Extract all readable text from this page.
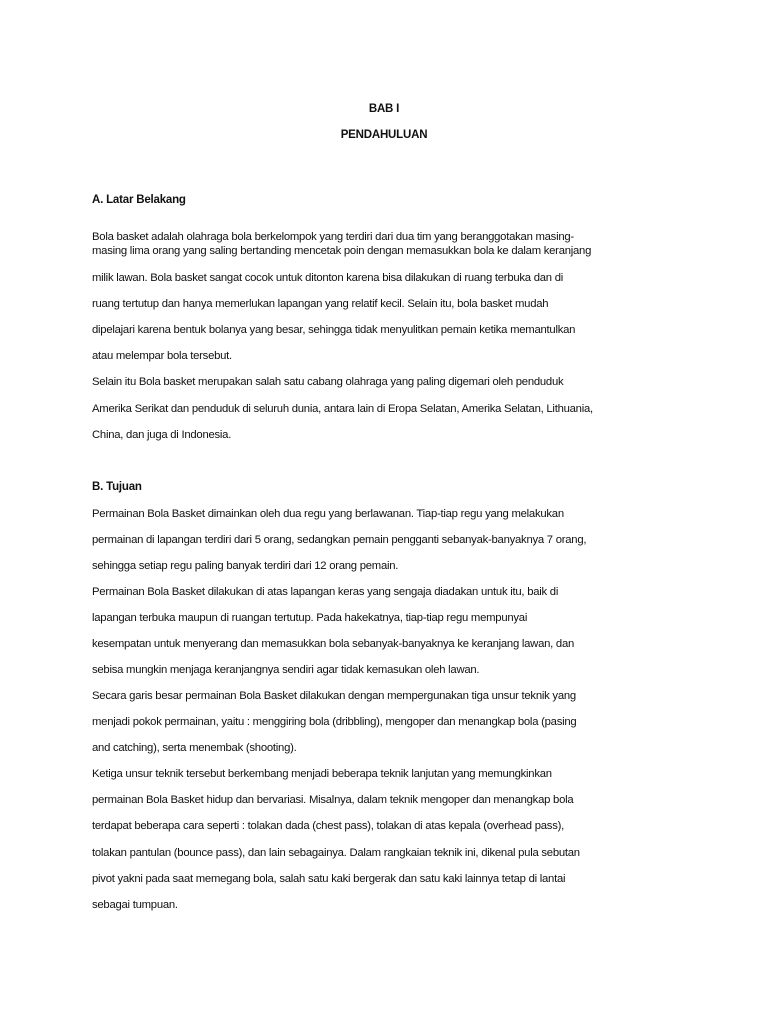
BAB I
PENDAHULUAN
A. Latar Belakang
Bola basket adalah olahraga bola berkelompok yang terdiri dari dua tim yang beranggotakan masing-
masing lima orang yang saling bertanding mencetak poin dengan memasukkan bola ke dalam keranjang
milik lawan. Bola basket sangat cocok untuk ditonton karena bisa dilakukan di ruang terbuka dan di
ruang tertutup dan hanya memerlukan lapangan yang relatif kecil. Selain itu, bola basket mudah
dipelajari karena bentuk bolanya yang besar, sehingga tidak menyulitkan pemain ketika memantulkan
atau melempar bola tersebut.
Selain itu Bola basket merupakan salah satu cabang olahraga yang paling digemari oleh penduduk
Amerika Serikat dan penduduk di seluruh dunia, antara lain di Eropa Selatan, Amerika Selatan, Lithuania,
China, dan juga di Indonesia.
B. Tujuan
Permainan Bola Basket dimainkan oleh dua regu yang berlawanan. Tiap-tiap regu yang melakukan
permainan di lapangan terdiri dari 5 orang, sedangkan pemain pengganti sebanyak-banyaknya 7 orang,
sehingga setiap regu paling banyak terdiri dari 12 orang pemain.
Permainan Bola Basket dilakukan di atas lapangan keras yang sengaja diadakan untuk itu, baik di
lapangan terbuka maupun di ruangan tertutup. Pada hakekatnya, tiap-tiap regu mempunyai
kesempatan untuk menyerang dan memasukkan bola sebanyak-banyaknya ke keranjang lawan, dan
sebisa mungkin menjaga keranjangnya sendiri agar tidak kemasukan oleh lawan.
Secara garis besar permainan Bola Basket dilakukan dengan mempergunakan tiga unsur teknik yang
menjadi pokok permainan, yaitu : menggiring bola (dribbling), mengoper dan menangkap bola (pasing
and catching), serta menembak (shooting).
Ketiga unsur teknik tersebut berkembang menjadi beberapa teknik lanjutan yang memungkinkan
permainan Bola Basket hidup dan bervariasi. Misalnya, dalam teknik mengoper dan menangkap bola
terdapat beberapa cara seperti : tolakan dada (chest pass), tolakan di atas kepala (overhead pass),
tolakan pantulan (bounce pass), dan lain sebagainya. Dalam rangkaian teknik ini, dikenal pula sebutan
pivot yakni pada saat memegang bola, salah satu kaki bergerak dan satu kaki lainnya tetap di lantai
sebagai tumpuan.
